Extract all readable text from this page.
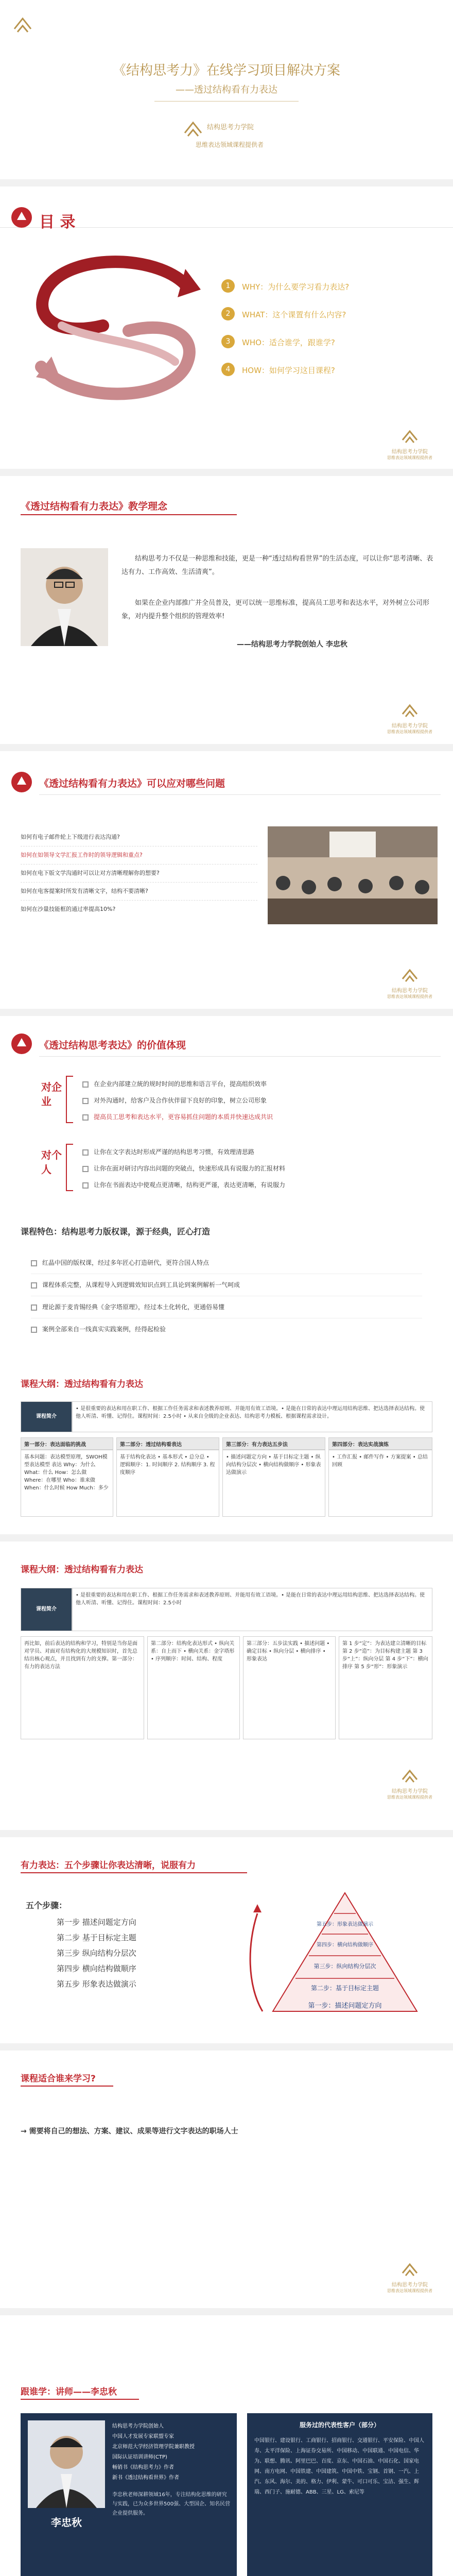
《结构思考力》在线学习项目解决方案
——透过结构看有力表达
结构思考力学院
思维表达领域课程提供者
目 录
1	WHY：为什么要学习看力表达?
2	WHAT：这个课置有什么内容?
3	WHO：适合谁学，跟谁学?
4	HOW：如何学习这目课程?
结构思考力学院
思维表达领域课程提供者
《透过结构看有力表达》教学理念
结构思考力不仅是一种思维和技能，更是一种“透过结构看世界”的生活态度，可以让你“思考清晰、表达有力、工作高效、生活清爽”。
如果在企业内部推广并全员普及，更可以统一思维标准，提高员工思考和表达水平，对外树立公司形象，对内提升整个组织的管理效率!
——结构思考力学院创始人 李忠秋
结构思考力学院
思维表达领域课程提供者
《透过结构看有力表达》可以应对哪些问题
如何有电子邮件轮上下级进行表达沟通?
如何在如领导文学汇报工作时的领导逻辑和重点?
如何在电下版文学沟通时可以让对方清晰理解你的想要?
如何在电客提案时所发有清晰文字，结构不要清晰?
如何在沙量技能框的通过率提高10%?
结构思考力学院
思维表达领域课程提供者
《透过结构思考表达》的价值体现
对企业
在企业内部建立統的规时时间的思维和语言平台，提高组织效率
对外沟通时，给客户及合作伙伴留下良好的印象，树立公司形象
提高员工思考和表达水平，更容易抓住问题的本质并快速达成共识
对个人
让你在文字表达时形成严谨的结构思考习惯，有效理清思路
让你在面对研讨内容出问题的突破点，快速形成具有说服力的汇报材料
让你在书面表达中使观点更清晰，结构更严谨，表达更清晰，有说服力
课程特色：结构思考力版权课，源于经典，匠心打造
红晶中国的版权课，经过多年匠心打造研代，更符合国人特点
课程体系完整，从课程导入到逻辑效知识点到工具论到案例解析一气呵成
理论源于麦肯锡经典《金字塔原理》，经过本土化转化，更通俗易懂
案例全部来自一线真实实践案例，经得起检验
课程大纲：透过结构看有力表达
课程简介
• 是很重要的表达和用在职工作、根据工作任务需求和表述教养原则、并能用有效工语境。• 是能在日常的表达中理运用结构思维、把达选择表达结构。使他人听清、听懂、记得住。课程时间：2.5小时 • 从来自全级的企业表达、结构思考力模板、根据课程需求设计。
第一部分：表达面临的挑战
基本问题：表达模型原理，SWOH模型表达模型 表达 Why：为什么 What：什么 How：怎么做 Where：在哪里 Who：谁来做 When：什么时候 How Much：多少
第二部分：透过结构看表达
基于结构化表达 • 基本形式 • 总分总 • 逻辑顺序：1. 时间顺序 2. 结构顺序 3. 程度顺序
第三部分：有力表达五步法
• 描述问题定方向 • 基于目标定主题 • 纵向结构分层次 • 横向结构做顺序 • 形象表达做演示
第四部分：表达实战演练
• 工作汇报 • 邮件写作 • 方案提案 • 总结回顾
课程大纲：透过结构看有力表达
课程简介
• 是很重要的表达和用在职工作、根据工作任务需求和表述教养原则、并能用有效工语境。• 是能在日常的表达中理运用结构思维、把达选择表达结构。使他人听清、听懂、记得住。课程时间：2.5小时
再比如，前后表达的结构和学习，特别是当你是面对学员、对面对有结构化的大规模知识时，首先总结出核心观点，并且找到有力的支撑。第一部分：有力的表达方法
第二部分：结构化表达形式 • 纵向关系：自上而下 • 横向关系：金字塔形 • 序列顺序：时间、结构、程度
第三部分：五步法实践 • 描述问题 • 确定目标 • 纵向分层 • 横向排序 • 形象表达
第 1 步“定”：为表达建立清晰的目标 第 2 步“造”：为目标构建主题 第 3 步“上”：纵向分层 第 4 步“下”：横向排序 第 5 步“形”：形象演示
结构思考力学院
思维表达领域课程提供者
有力表达：五个步骤让你表达清晰，说服有力
五个步骤：
第一步 描述问题定方向
第二步 基于目标定主题
第三步 纵向结构分层次
第四步 横向结构做顺序
第五步 形象表达做演示
第五步：形象表达做演示
第四步：横向结构做顺序
第三步：纵向结构分层次
第二步：基于目标定主题
第一步：描述问题定方向
课程适合谁来学习?
→ 需要将自己的想法、方案、建议、成果等进行文字表达的职场人士
结构思考力学院
思维表达领域课程提供者
跟谁学：讲师——李忠秋
李忠秋
结构思考力学院创始人
中国人才发展专家联盟专家
北京师范大学经济管理学院兼职教授
国际认证培训讲师(CTP)
畅销书《结构思考力》作者
新书《透过结构看世界》作者
李忠秋老师深耕领域16年，专注结构化思维的研究与实践，已为众多世界500强、大型国企、知名民营企业提供服务。
服务过的代表性客户（部分）
中国银行、建设银行、工商银行、招商银行、交通银行、平安保险、中国人寿、太平洋保险、上海证券交易所、中国移动、中国联通、中国电信、华为、联想、腾讯、阿里巴巴、百度、京东、中国石油、中国石化、国家电网、南方电网、中国铁建、中国建筑、中国中铁、宝钢、首钢、一汽、上汽、东风、海尔、美的、格力、伊利、蒙牛、可口可乐、宝洁、强生、辉瑞、西门子、施耐德、ABB、三星、LG、索尼等
